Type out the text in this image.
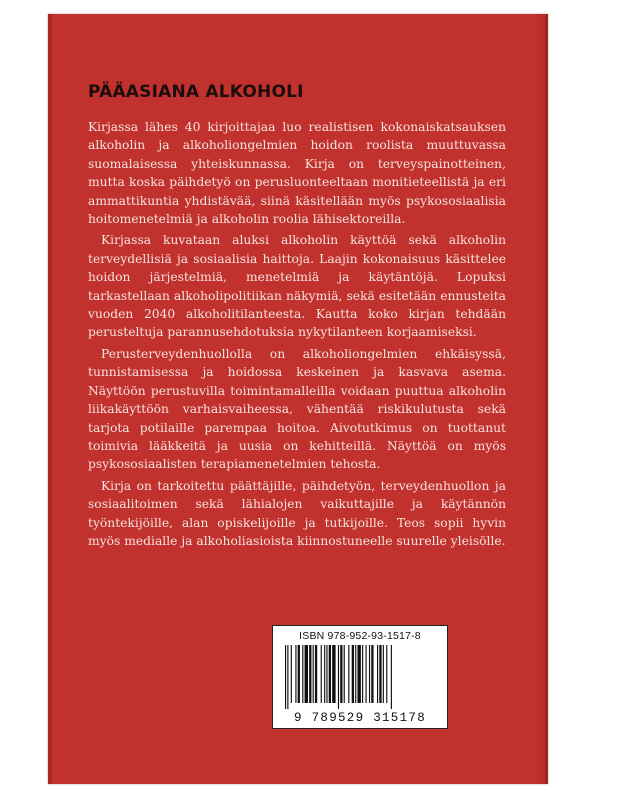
PÄÄASIANA ALKOHOLI

Kirjassa lähes 40 kirjoittajaa luo realistisen kokonaiskatsauksen alkoholin ja alkoholiongelmien hoidon roolista muuttuvassa suomalaisessa yhteiskunnassa. Kirja on terveyspainotteinen, mutta koska päihdetyö on perusluonteeltaan monitieteellistä ja eri ammattikuntia yhdistävää, siinä käsitellään myös psykososiaalisia hoitomenetelmiä ja alkoholin roolia lähisektoreilla.

Kirjassa kuvataan aluksi alkoholin käyttöä sekä alkoholin terveydellisiä ja sosiaalisia haittoja. Laajin kokonaisuus käsittelee hoidon järjestelmiä, menetelmiä ja käytäntöjä. Lopuksi tarkastellaan alkoholipolitiikan näkymiä, sekä esitetään ennusteita vuoden 2040 alkoholitilanteesta. Kautta koko kirjan tehdään perusteltuja parannusehdotuksia nykytilanteen korjaamiseksi.

Perusterveydenhuollolla on alkoholiongelmien ehkäisyssä, tunnistamisessa ja hoidossa keskeinen ja kasvava asema. Näyttöön perustuvilla toimintamalleilla voidaan puuttua alkoholin liikakäyttöön varhaisvaiheessa, vähentää riskikulutusta sekä tarjota potilaille parempaa hoitoa. Aivotutkimus on tuottanut toimivia lääkkeitä ja uusia on kehitteillä. Näyttöä on myös psykososiaalisten terapiamenetelmien tehosta.

Kirja on tarkoitettu päättäjille, päihdetyön, terveydenhuollon ja sosiaalitoimen sekä lähialojen vaikuttajille ja käytännön työntekijöille, alan opiskelijoille ja tutkijoille. Teos sopii hyvin myös medialle ja alkoholiasioista kiinnostuneelle suurelle yleisölle.

ISBN 978-952-93-1517-8
9 789529 315178
